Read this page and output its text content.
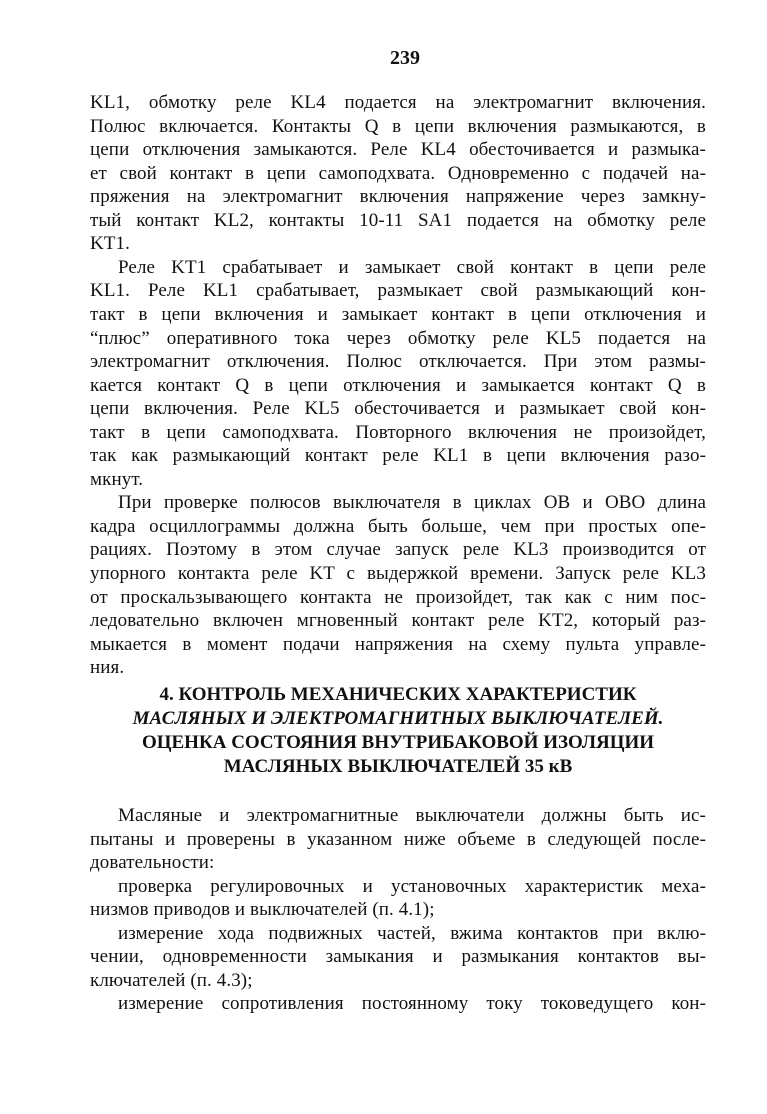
239
KL1, обмотку реле KL4 подается на электромагнит включения.
Полюс включается. Контакты Q в цепи включения размыкаются, в
цепи отключения замыкаются. Реле KL4 обесточивается и размыка-
ет свой контакт в цепи самоподхвата. Одновременно с подачей на-
пряжения на электромагнит включения напряжение через замкну-
тый контакт KL2, контакты 10-11 SA1 подается на обмотку реле
KT1.
Реле KT1 срабатывает и замыкает свой контакт в цепи реле
KL1. Реле KL1 срабатывает, размыкает свой размыкающий кон-
такт в цепи включения и замыкает контакт в цепи отключения и
“плюс” оперативного тока через обмотку реле KL5 подается на
электромагнит отключения. Полюс отключается. При этом размы-
кается контакт Q в цепи отключения и замыкается контакт Q в
цепи включения. Реле KL5 обесточивается и размыкает свой кон-
такт в цепи самоподхвата. Повторного включения не произойдет,
так как размыкающий контакт реле KL1 в цепи включения разо-
мкнут.
При проверке полюсов выключателя в циклах ОВ и ОВО длина
кадра осциллограммы должна быть больше, чем при простых опе-
рациях. Поэтому в этом случае запуск реле KL3 производится от
упорного контакта реле KT с выдержкой времени. Запуск реле KL3
от проскальзывающего контакта не произойдет, так как с ним пос-
ледовательно включен мгновенный контакт реле KT2, который раз-
мыкается в момент подачи напряжения на схему пульта управле-
ния.
4. КОНТРОЛЬ МЕХАНИЧЕСКИХ ХАРАКТЕРИСТИК
МАСЛЯНЫХ И ЭЛЕКТРОМАГНИТНЫХ ВЫКЛЮЧАТЕЛЕЙ.
ОЦЕНКА СОСТОЯНИЯ ВНУТРИБАКОВОЙ ИЗОЛЯЦИИ
МАСЛЯНЫХ ВЫКЛЮЧАТЕЛЕЙ 35 кВ
Масляные и электромагнитные выключатели должны быть ис-
пытаны и проверены в указанном ниже объеме в следующей после-
довательности:
проверка регулировочных и установочных характеристик меха-
низмов приводов и выключателей (п. 4.1);
измерение хода подвижных частей, вжима контактов при вклю-
чении, одновременности замыкания и размыкания контактов вы-
ключателей (п. 4.3);
измерение сопротивления постоянному току токоведущего кон-
